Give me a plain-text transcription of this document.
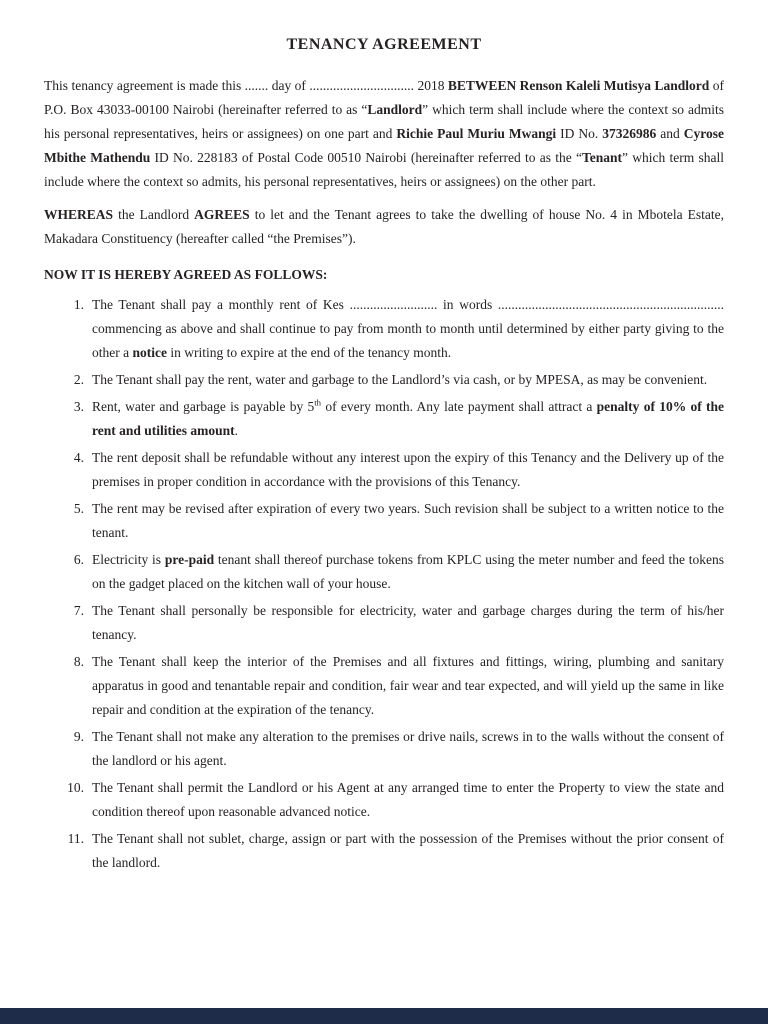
TENANCY AGREEMENT

This tenancy agreement is made this ....... day of ............................... 2018 BETWEEN Renson Kaleli Mutisya Landlord of P.O. Box 43033-00100 Nairobi (hereinafter referred to as “Landlord” which term shall include where the context so admits his personal representatives, heirs or assignees) on one part and Richie Paul Muriu Mwangi ID No. 37326986 and Cyrose Mbithe Mathendu ID No. 228183 of Postal Code 00510 Nairobi (hereinafter referred to as the “Tenant” which term shall include where the context so admits, his personal representatives, heirs or assignees) on the other part.

WHEREAS the Landlord AGREES to let and the Tenant agrees to take the dwelling of house No. 4 in Mbotela Estate, Makadara Constituency (hereafter called “the Premises”).

NOW IT IS HEREBY AGREED AS FOLLOWS:

1. The Tenant shall pay a monthly rent of Kes .......................... in words ................................................................... commencing as above and shall continue to pay from month to month until determined by either party giving to the other a notice in writing to expire at the end of the tenancy month.
2. The Tenant shall pay the rent, water and garbage to the Landlord’s via cash, or by MPESA, as may be convenient.
3. Rent, water and garbage is payable by 5th of every month. Any late payment shall attract a penalty of 10% of the rent and utilities amount.
4. The rent deposit shall be refundable without any interest upon the expiry of this Tenancy and the Delivery up of the premises in proper condition in accordance with the provisions of this Tenancy.
5. The rent may be revised after expiration of every two years. Such revision shall be subject to a written notice to the tenant.
6. Electricity is pre-paid tenant shall thereof purchase tokens from KPLC using the meter number and feed the tokens on the gadget placed on the kitchen wall of your house.
7. The Tenant shall personally be responsible for electricity, water and garbage charges during the term of his/her tenancy.
8. The Tenant shall keep the interior of the Premises and all fixtures and fittings, wiring, plumbing and sanitary apparatus in good and tenantable repair and condition, fair wear and tear expected, and will yield up the same in like repair and condition at the expiration of the tenancy.
9. The Tenant shall not make any alteration to the premises or drive nails, screws in to the walls without the consent of the landlord or his agent.
10. The Tenant shall permit the Landlord or his Agent at any arranged time to enter the Property to view the state and condition thereof upon reasonable advanced notice.
11. The Tenant shall not sublet, charge, assign or part with the possession of the Premises without the prior consent of the landlord.
